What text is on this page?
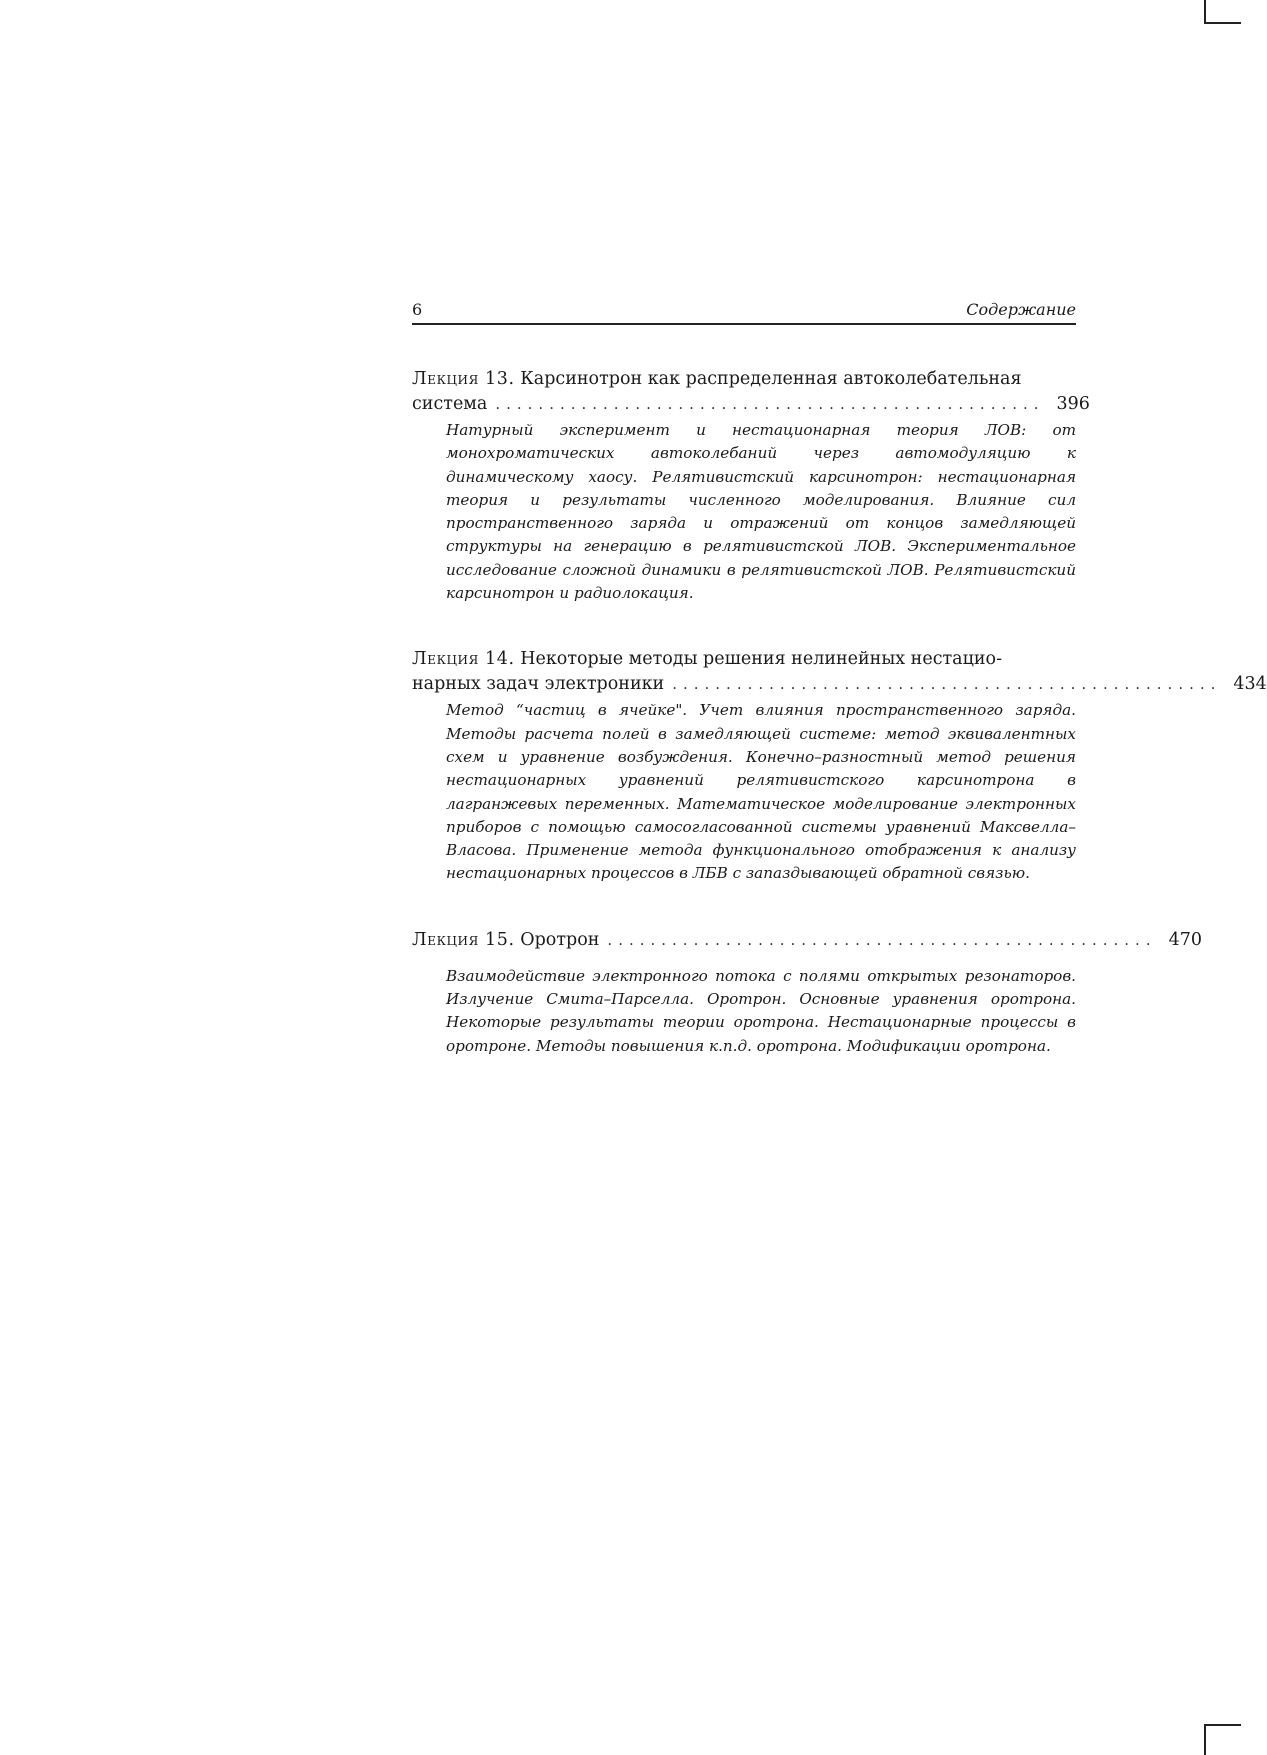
6	Содержание
Лекция 13. Карсинотрон как распределенная автоколебательная
система ................................................... 396
Натурный эксперимент и нестационарная теория ЛОВ: от монохроматических автоколебаний через автомодуляцию к динамическому хаосу. Релятивистский карсинотрон: нестационарная теория и результаты численного моделирования. Влияние сил пространственного заряда и отражений от концов замедляющей структуры на генерацию в релятивистской ЛОВ. Экспериментальное исследование сложной динамики в релятивистской ЛОВ. Релятивистский карсинотрон и радиолокация.
Лекция 14. Некоторые методы решения нелинейных нестацио-
нарных задач электроники ................................................... 434
Метод “частиц в ячейке". Учет влияния пространственного заряда. Методы расчета полей в замедляющей системе: метод эквивалентных схем и уравнение возбуждения. Конечно–разностный метод решения нестационарных уравнений релятивистского карсинотрона в лагранжевых переменных. Математическое моделирование электронных приборов с помощью самосогласованной системы уравнений Максвелла–Власова. Применение метода функционального отображения к анализу нестационарных процессов в ЛБВ с запаздывающей обратной связью.
Лекция 15. Оротрон ................................................... 470
Взаимодействие электронного потока с полями открытых резонаторов. Излучение Смита–Парселла. Оротрон. Основные уравнения оротрона. Некоторые результаты теории оротрона. Нестационарные процессы в оротроне. Методы повышения к.п.д. оротрона. Модификации оротрона.
